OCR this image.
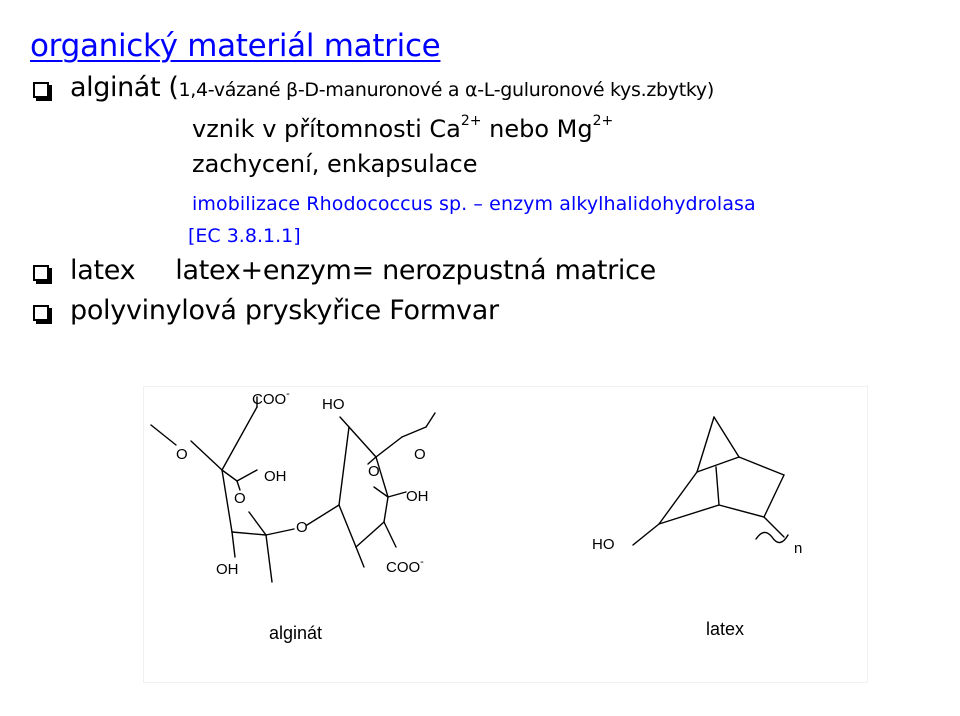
organický materiál matrice
alginát (1,4-vázané β-D-manuronové a α-L-guluronové kys.zbytky)
vznik v přítomnosti $Ca^{2+}$ nebo $Mg^{2+}$
zachycení, enkapsulace
imobilizace Rhodococcus sp. – enzym alkylhalidohydrolasa
[EC 3.8.1.1]
latex latex+enzym= nerozpustná matrice
polyvinylová pryskyřice Formvar
COO-
HO
O	O
OH
O
O
OH
O
OH	COO-
HO	n
alginát	latex
